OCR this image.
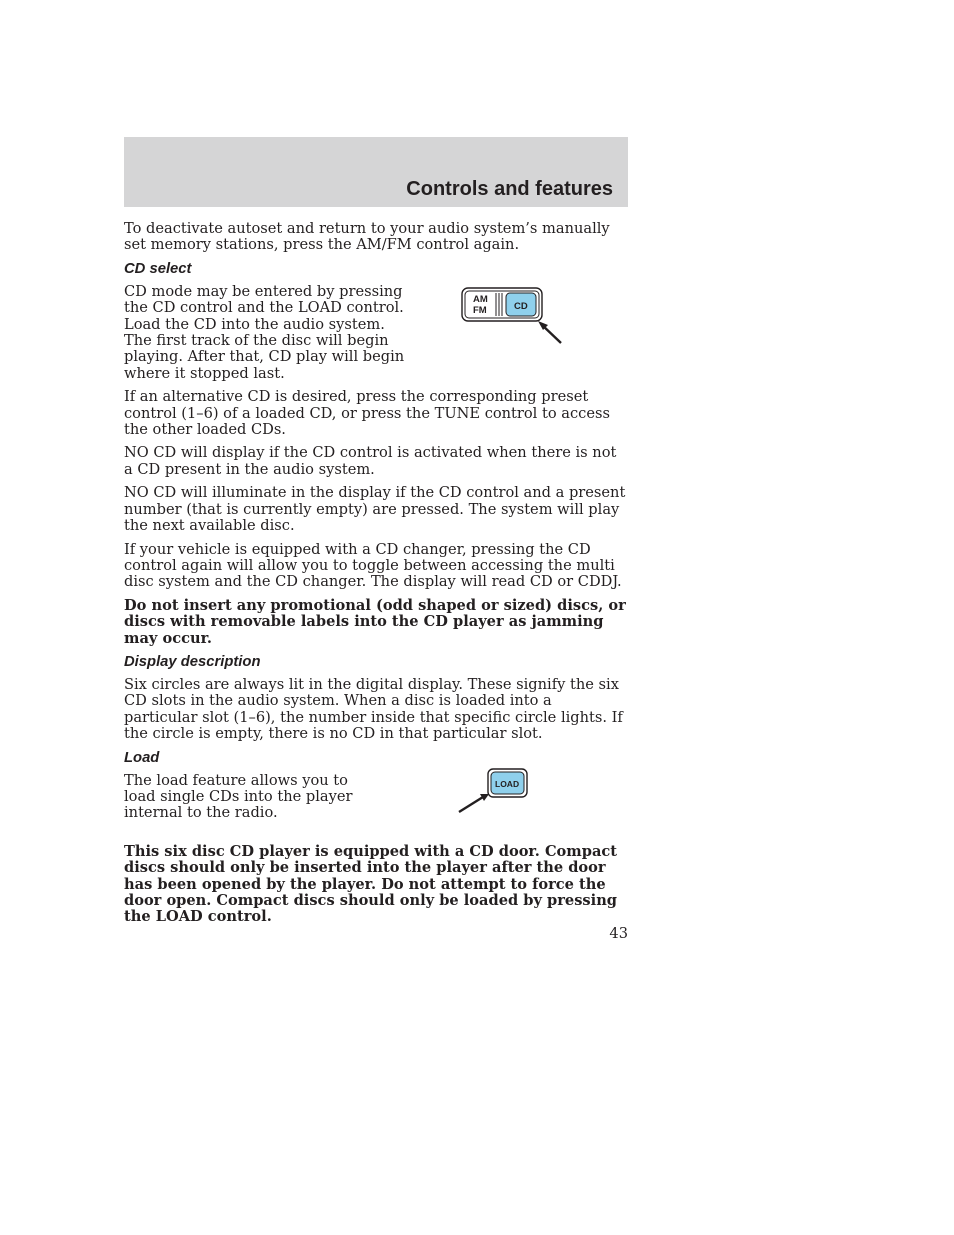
Controls and features

To deactivate autoset and return to your audio system’s manually set memory stations, press the AM/FM control again.

CD select

CD mode may be entered by pressing the CD control and the LOAD control. Load the CD into the audio system. The first track of the disc will begin playing. After that, CD play will begin where it stopped last.

AM
FM	CD

If an alternative CD is desired, press the corresponding preset control (1–6) of a loaded CD, or press the TUNE control to access the other loaded CDs.

NO CD will display if the CD control is activated when there is not a CD present in the audio system.

NO CD will illuminate in the display if the CD control and a present number (that is currently empty) are pressed. The system will play the next available disc.

If your vehicle is equipped with a CD changer, pressing the CD control again will allow you to toggle between accessing the multi disc system and the CD changer. The display will read CD or CDDJ.

Do not insert any promotional (odd shaped or sized) discs, or discs with removable labels into the CD player as jamming may occur.

Display description

Six circles are always lit in the digital display. These signify the six CD slots in the audio system. When a disc is loaded into a particular slot (1–6), the number inside that specific circle lights. If the circle is empty, there is no CD in that particular slot.

Load

The load feature allows you to load single CDs into the player internal to the radio.

LOAD

This six disc CD player is equipped with a CD door. Compact discs should only be inserted into the player after the door has been opened by the player. Do not attempt to force the door open. Compact discs should only be loaded by pressing the LOAD control.

43
